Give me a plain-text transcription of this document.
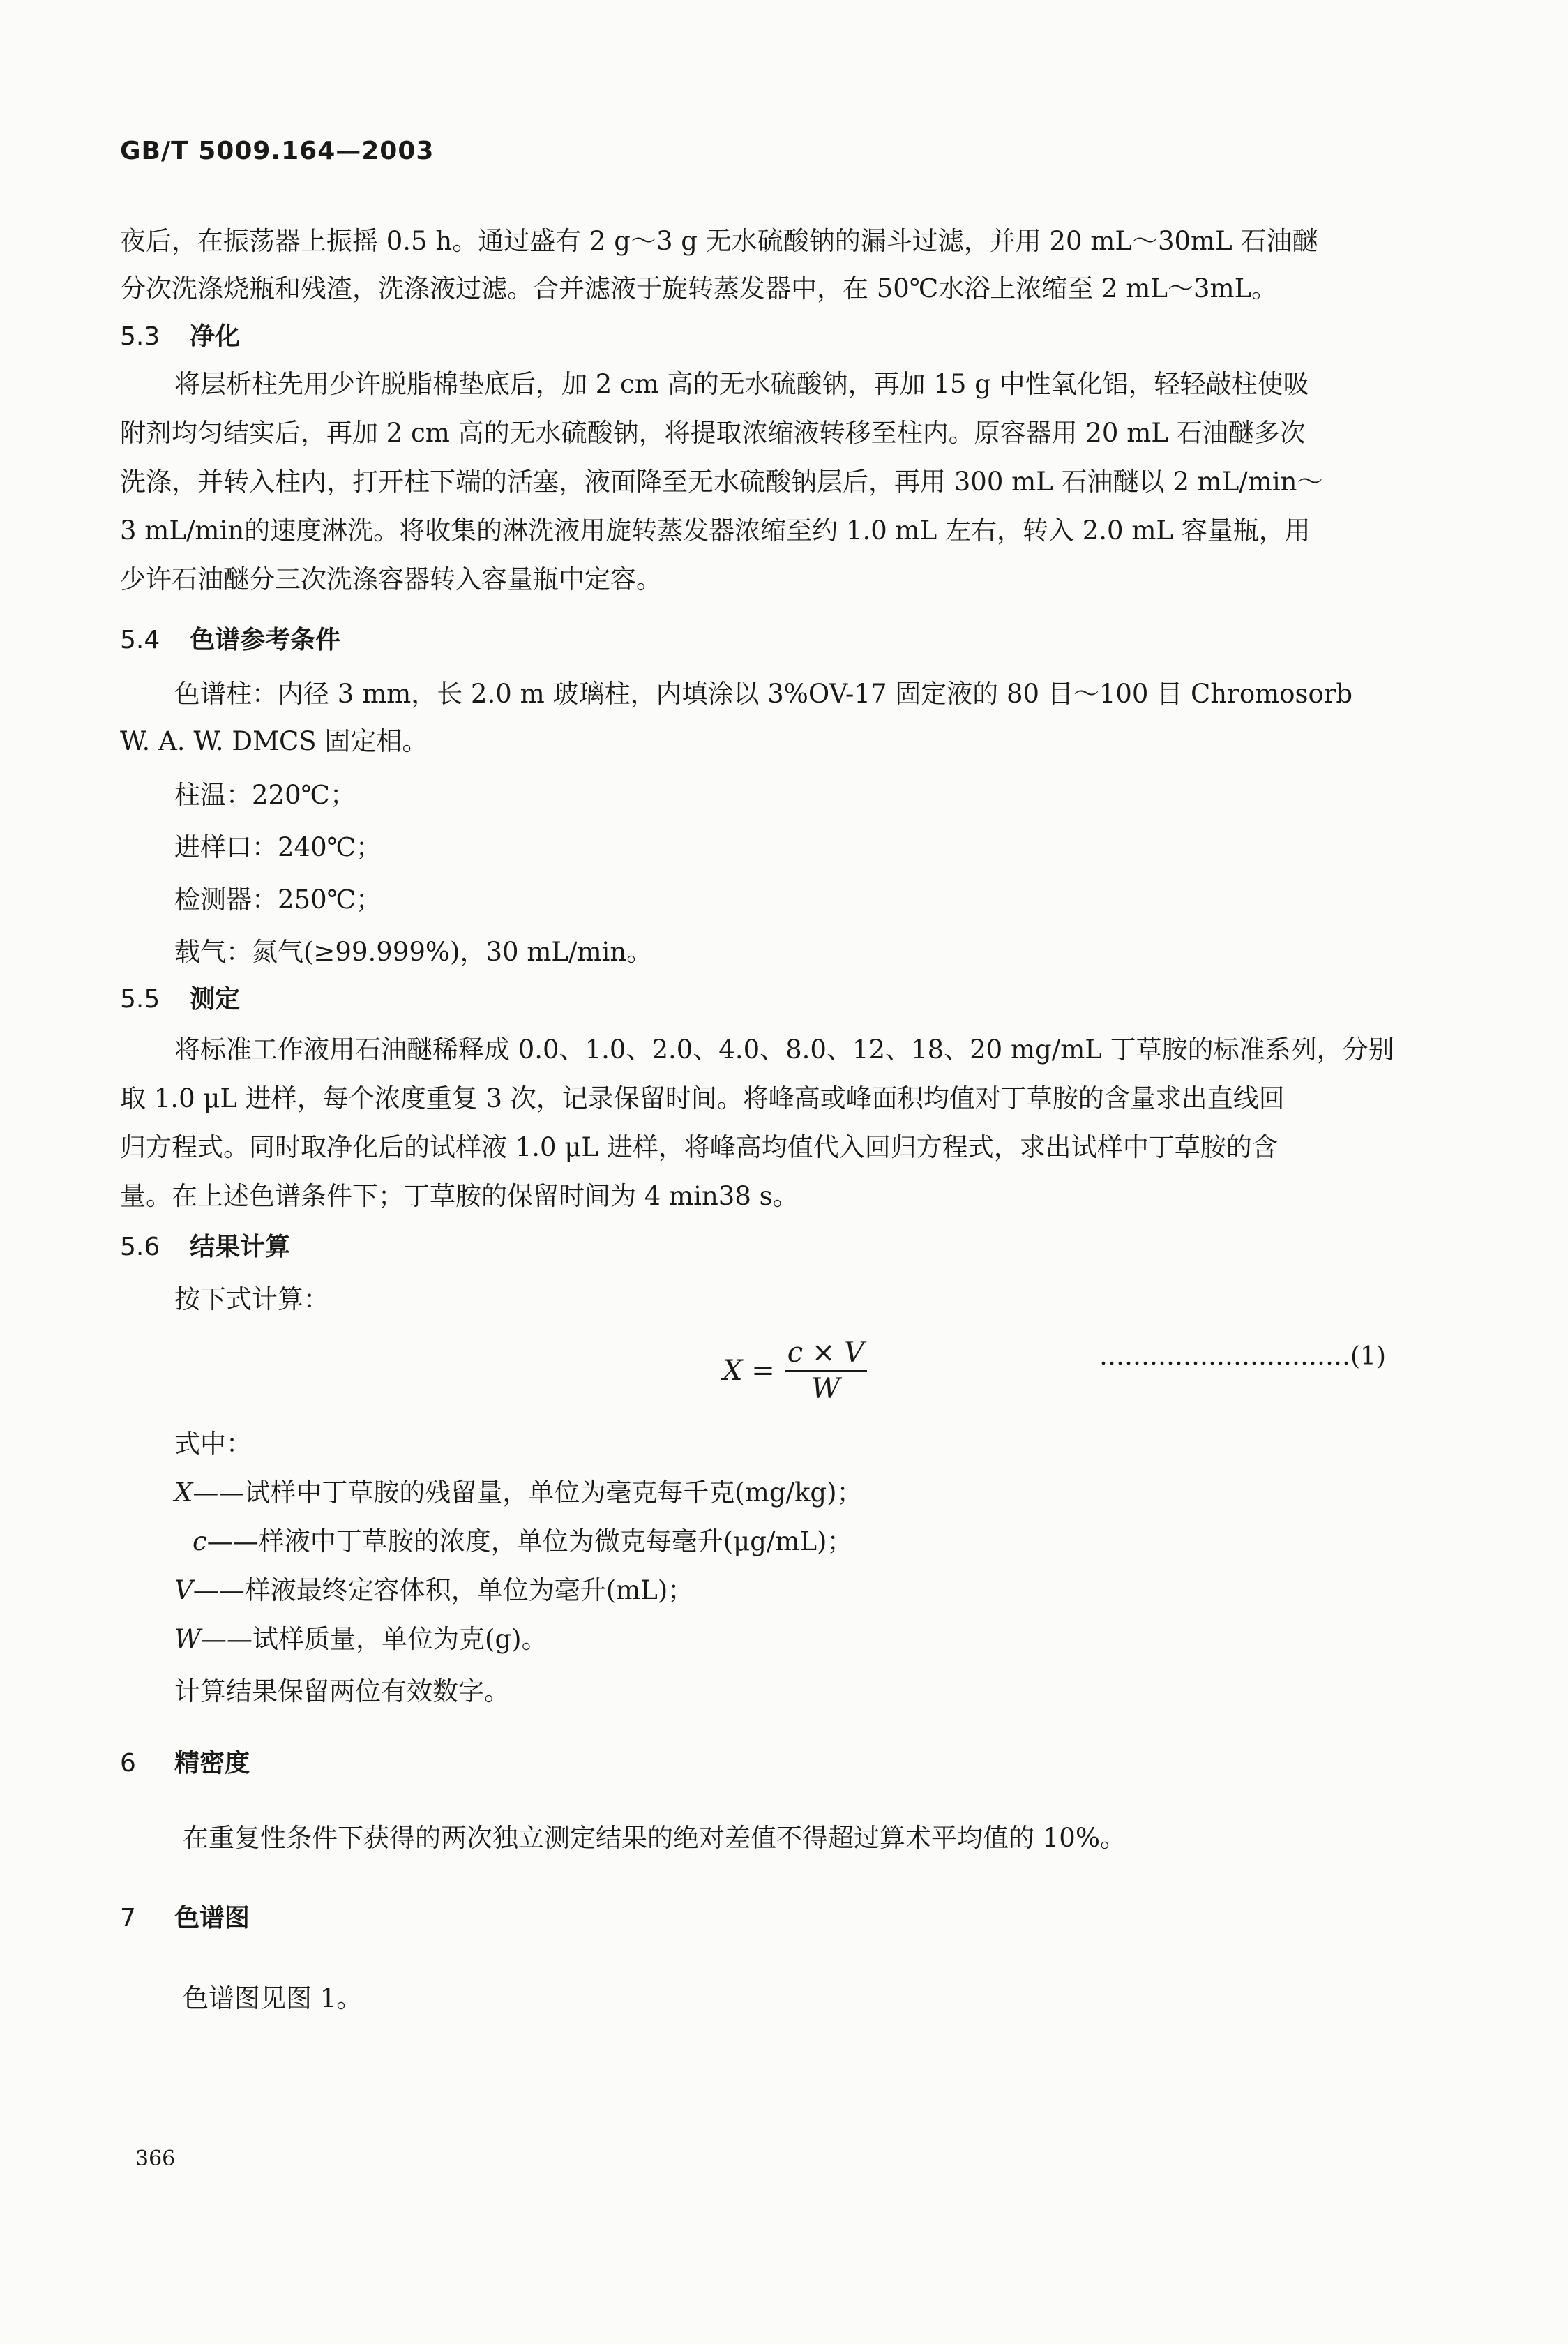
GB/T 5009.164—2003
夜后，在振荡器上振摇 0.5 h。通过盛有 2 g～3 g 无水硫酸钠的漏斗过滤，并用 20 mL～30mL 石油醚
分次洗涤烧瓶和残渣，洗涤液过滤。合并滤液于旋转蒸发器中，在 50℃水浴上浓缩至 2 mL～3mL。
5.3 净化
将层析柱先用少许脱脂棉垫底后，加 2 cm 高的无水硫酸钠，再加 15 g 中性氧化铝，轻轻敲柱使吸
附剂均匀结实后，再加 2 cm 高的无水硫酸钠，将提取浓缩液转移至柱内。原容器用 20 mL 石油醚多次
洗涤，并转入柱内，打开柱下端的活塞，液面降至无水硫酸钠层后，再用 300 mL 石油醚以 2 mL/min～
3 mL/min的速度淋洗。将收集的淋洗液用旋转蒸发器浓缩至约 1.0 mL 左右，转入 2.0 mL 容量瓶，用
少许石油醚分三次洗涤容器转入容量瓶中定容。
5.4 色谱参考条件
色谱柱：内径 3 mm，长 2.0 m 玻璃柱，内填涂以 3%OV-17 固定液的 80 目～100 目 Chromosorb
W. A. W. DMCS 固定相。
柱温：220℃；
进样口：240℃；
检测器：250℃；
载气：氮气(≥99.999%)，30 mL/min。
5.5 测定
将标准工作液用石油醚稀释成 0.0、1.0、2.0、4.0、8.0、12、18、20 mg/mL 丁草胺的标准系列，分别
取 1.0 μL 进样，每个浓度重复 3 次，记录保留时间。将峰高或峰面积均值对丁草胺的含量求出直线回
归方程式。同时取净化后的试样液 1.0 μL 进样，将峰高均值代入回归方程式，求出试样中丁草胺的含
量。在上述色谱条件下；丁草胺的保留时间为 4 min38 s。
5.6 结果计算
按下式计算：
$X = \frac{c \times V}{W}$	…………………………(1)
式中：
X——试样中丁草胺的残留量，单位为毫克每千克(mg/kg)；
c——样液中丁草胺的浓度，单位为微克每毫升(μg/mL)；
V——样液最终定容体积，单位为毫升(mL)；
W——试样质量，单位为克(g)。
计算结果保留两位有效数字。
6 精密度
在重复性条件下获得的两次独立测定结果的绝对差值不得超过算术平均值的 10%。
7 色谱图
色谱图见图 1。
366
